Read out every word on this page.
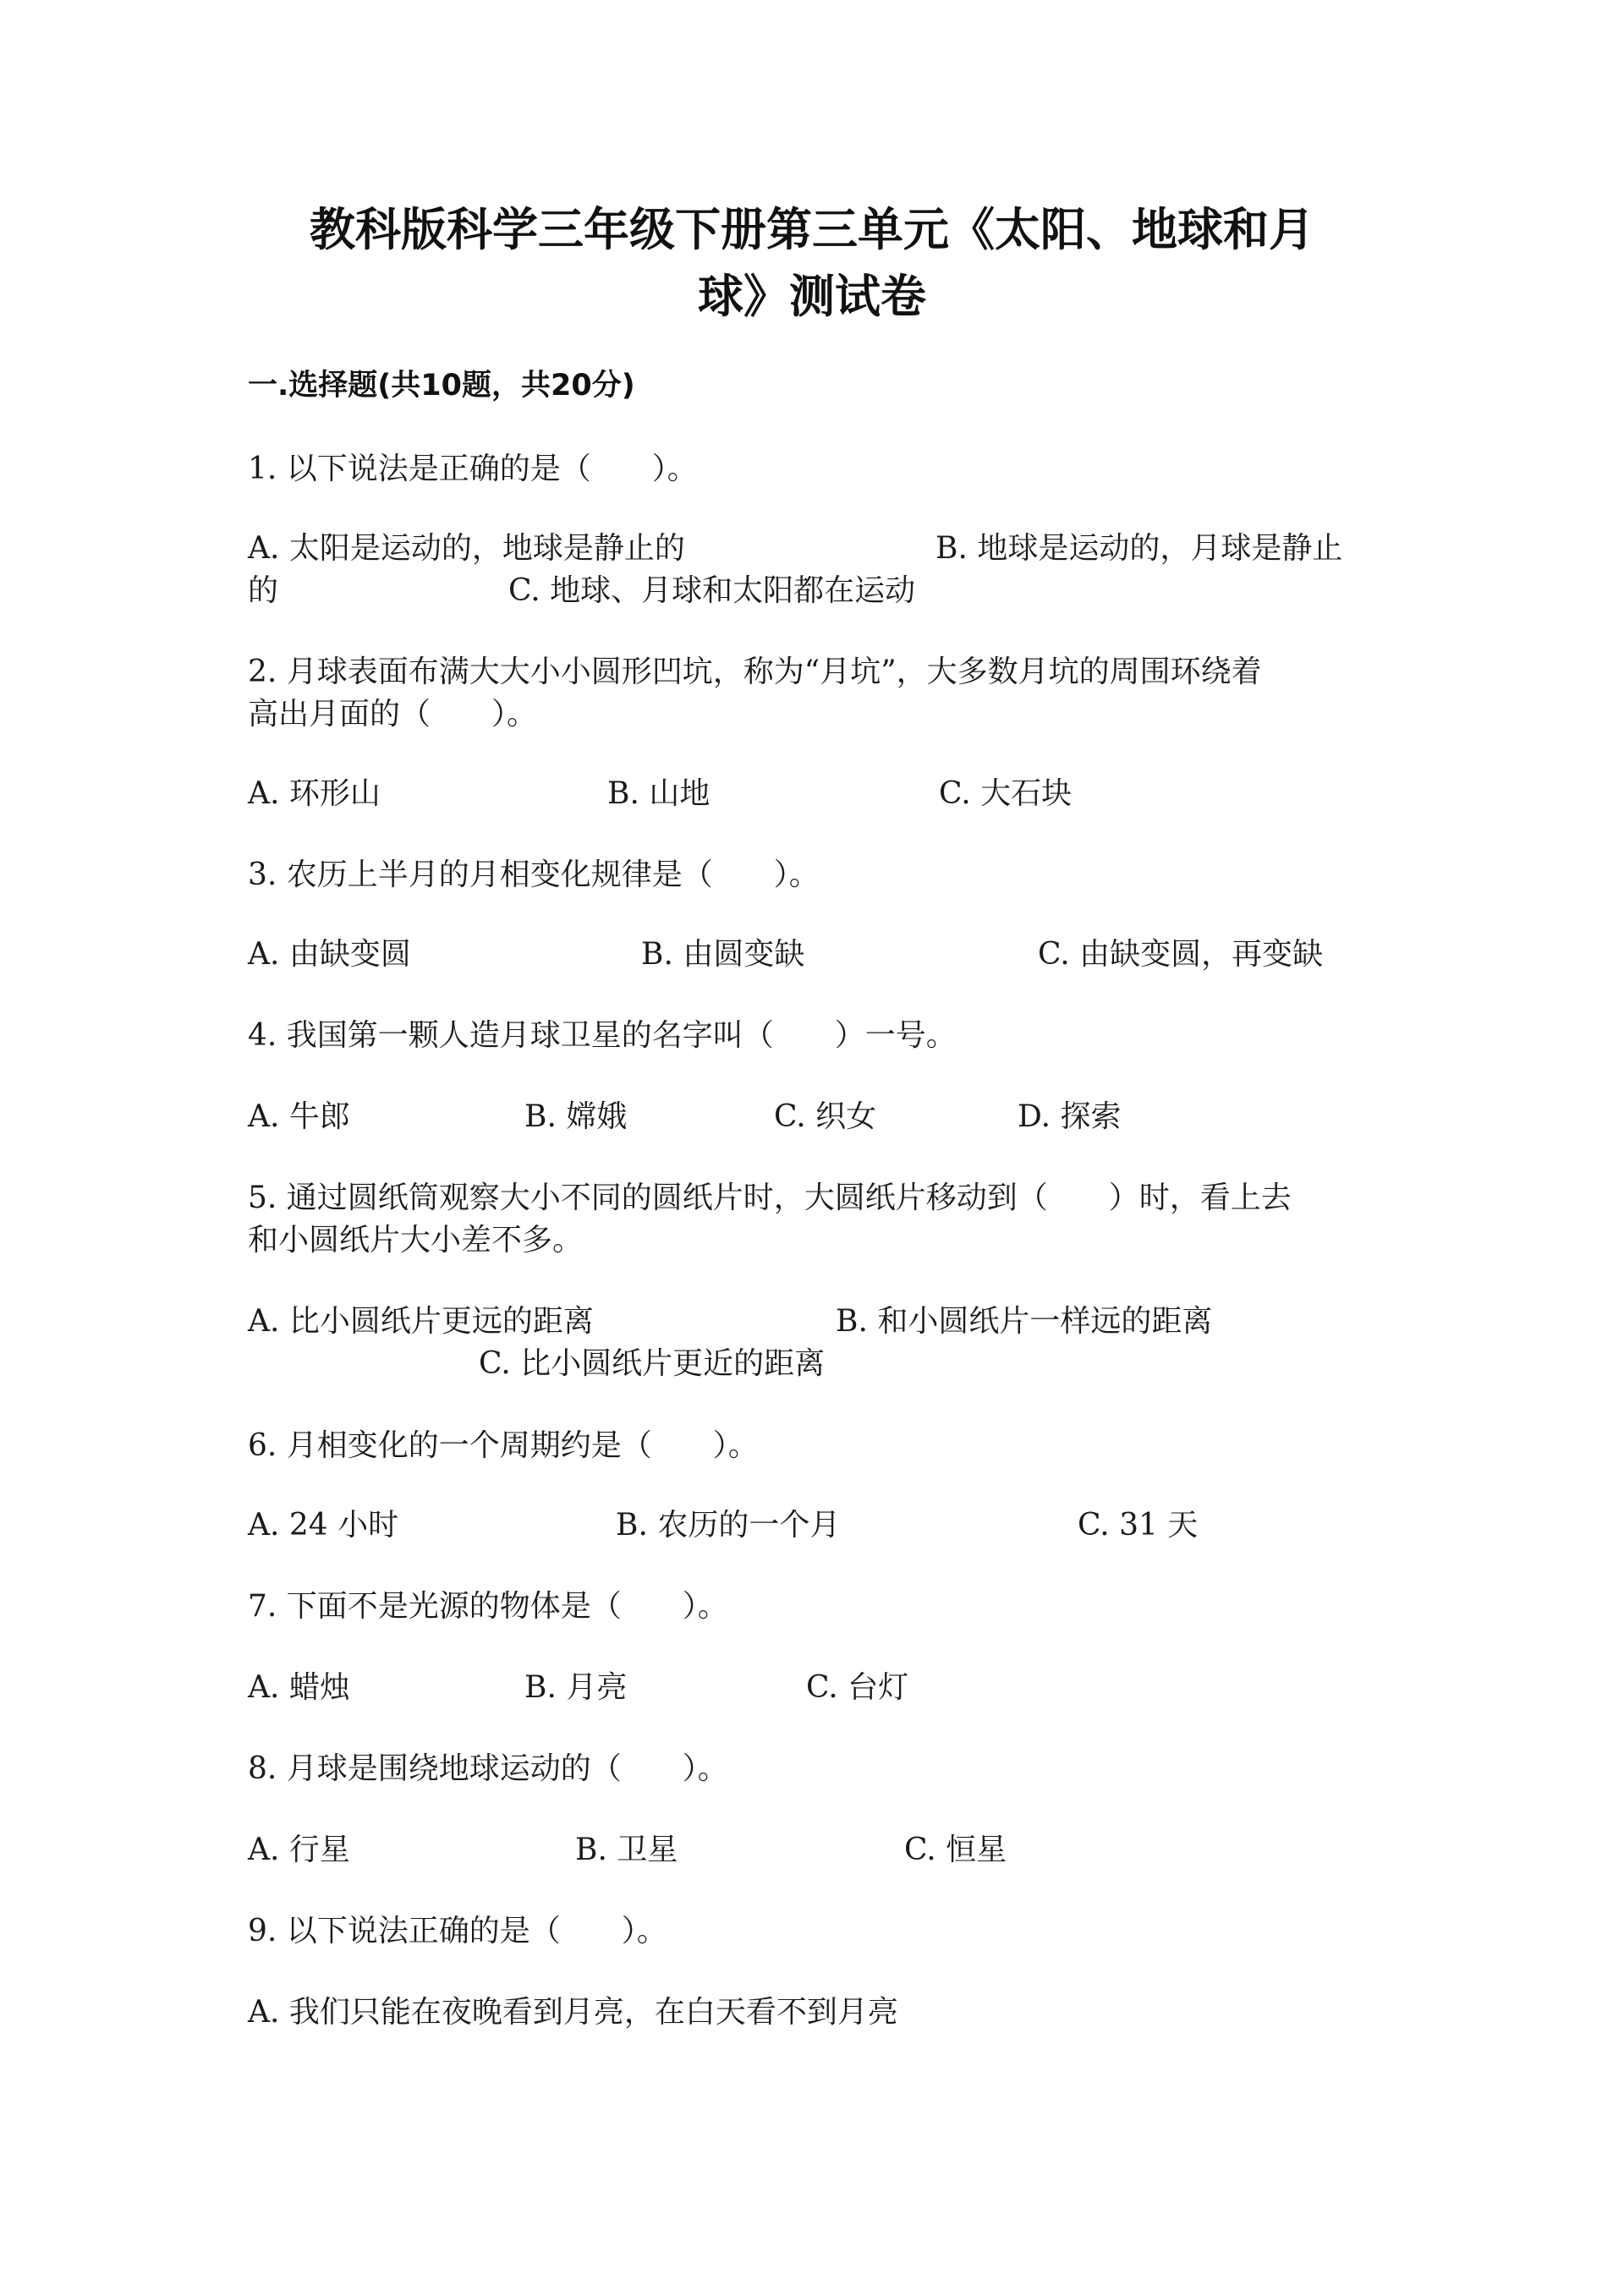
教科版科学三年级下册第三单元《太阳、地球和月
球》测试卷
一.选择题(共10题，共20分)
1. 以下说法是正确的是（　　）。
A. 太阳是运动的，地球是静止的	B. 地球是运动的，月球是静止
的	C. 地球、月球和太阳都在运动
2. 月球表面布满大大小小圆形凹坑，称为“月坑”，大多数月坑的周围环绕着
高出月面的（　　）。
A. 环形山	B. 山地	C. 大石块
3. 农历上半月的月相变化规律是（　　）。
A. 由缺变圆	B. 由圆变缺	C. 由缺变圆，再变缺
4. 我国第一颗人造月球卫星的名字叫（　　）一号。
A. 牛郎	B. 嫦娥	C. 织女	D. 探索
5. 通过圆纸筒观察大小不同的圆纸片时，大圆纸片移动到（　　）时，看上去
和小圆纸片大小差不多。
A. 比小圆纸片更远的距离	B. 和小圆纸片一样远的距离
C. 比小圆纸片更近的距离
6. 月相变化的一个周期约是（　　）。
A. 24 小时	B. 农历的一个月	C. 31 天
7. 下面不是光源的物体是（　　）。
A. 蜡烛	B. 月亮	C. 台灯
8. 月球是围绕地球运动的（　　）。
A. 行星	B. 卫星	C. 恒星
9. 以下说法正确的是（　　）。
A. 我们只能在夜晚看到月亮，在白天看不到月亮
